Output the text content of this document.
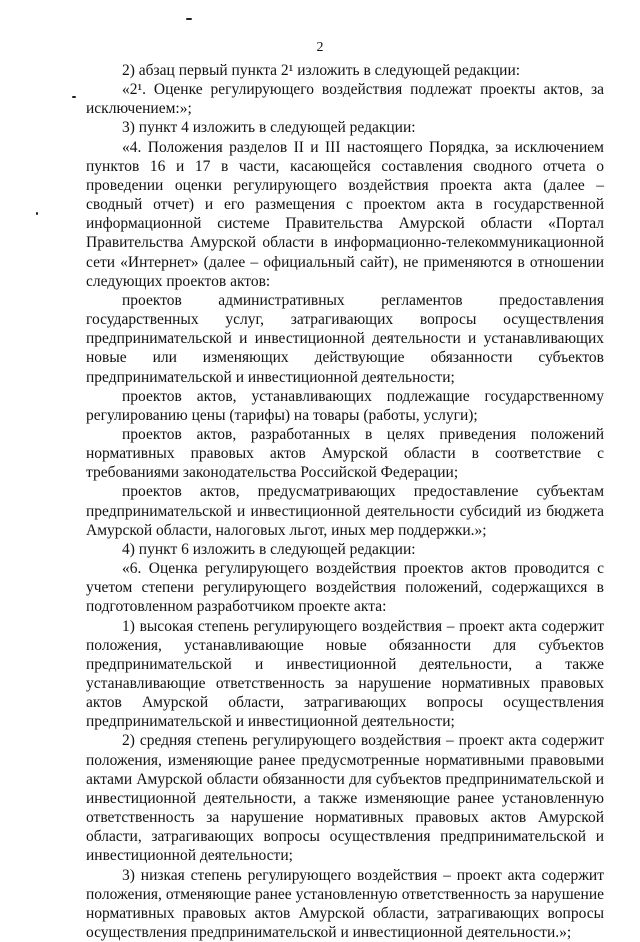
2

2) абзац первый пункта 2¹ изложить в следующей редакции:

«2¹. Оценке регулирующего воздействия подлежат проекты актов, за исключением:»;

3) пункт 4 изложить в следующей редакции:

«4. Положения разделов II и III настоящего Порядка, за исключением пунктов 16 и 17 в части, касающейся составления сводного отчета о проведении оценки регулирующего воздействия проекта акта (далее – сводный отчет) и его размещения с проектом акта в государственной информационной системе Правительства Амурской области «Портал Правительства Амурской области в информационно-телекоммуникационной сети «Интернет» (далее – официальный сайт), не применяются в отношении следующих проектов актов:

проектов административных регламентов предоставления государственных услуг, затрагивающих вопросы осуществления предпринимательской и инвестиционной деятельности и устанавливающих новые или изменяющих действующие обязанности субъектов предпринимательской и инвестиционной деятельности;

проектов актов, устанавливающих подлежащие государственному регулированию цены (тарифы) на товары (работы, услуги);

проектов актов, разработанных в целях приведения положений нормативных правовых актов Амурской области в соответствие с требованиями законодательства Российской Федерации;

проектов актов, предусматривающих предоставление субъектам предпринимательской и инвестиционной деятельности субсидий из бюджета Амурской области, налоговых льгот, иных мер поддержки.»;

4) пункт 6 изложить в следующей редакции:

«6. Оценка регулирующего воздействия проектов актов проводится с учетом степени регулирующего воздействия положений, содержащихся в подготовленном разработчиком проекте акта:

1) высокая степень регулирующего воздействия – проект акта содержит положения, устанавливающие новые обязанности для субъектов предпринимательской и инвестиционной деятельности, а также устанавливающие ответственность за нарушение нормативных правовых актов Амурской области, затрагивающих вопросы осуществления предпринимательской и инвестиционной деятельности;

2) средняя степень регулирующего воздействия – проект акта содержит положения, изменяющие ранее предусмотренные нормативными правовыми актами Амурской области обязанности для субъектов предпринимательской и инвестиционной деятельности, а также изменяющие ранее установленную ответственность за нарушение нормативных правовых актов Амурской области, затрагивающих вопросы осуществления предпринимательской и инвестиционной деятельности;

3) низкая степень регулирующего воздействия – проект акта содержит положения, отменяющие ранее установленную ответственность за нарушение нормативных правовых актов Амурской области, затрагивающих вопросы осуществления предпринимательской и инвестиционной деятельности.»;
